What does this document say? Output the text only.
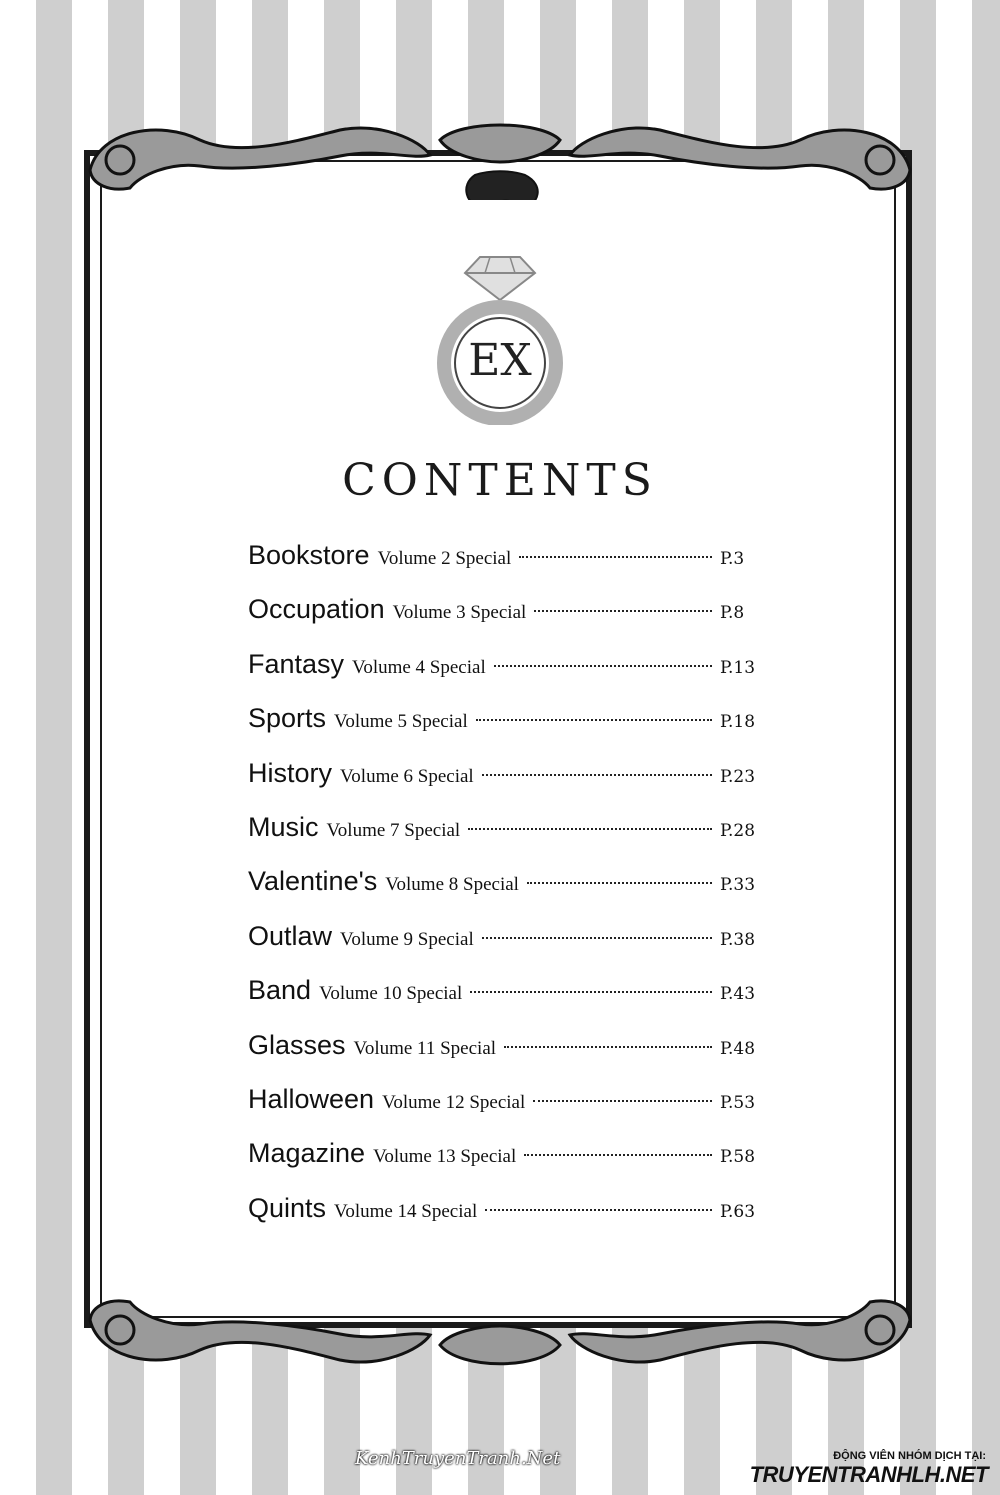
EX
CONTENTS
Bookstore Volume 2 Special	P.3
Occupation Volume 3 Special	P.8
Fantasy Volume 4 Special	P.13
Sports Volume 5 Special	P.18
History Volume 6 Special	P.23
Music Volume 7 Special	P.28
Valentine's Volume 8 Special	P.33
Outlaw Volume 9 Special	P.38
Band Volume 10 Special	P.43
Glasses Volume 11 Special	P.48
Halloween Volume 12 Special	P.53
Magazine Volume 13 Special	P.58
Quints Volume 14 Special	P.63
KenhTruyenTranh.Net	ĐỘNG VIÊN NHÓM DỊCH TẠI:
TRUYENTRANHLH.NET
